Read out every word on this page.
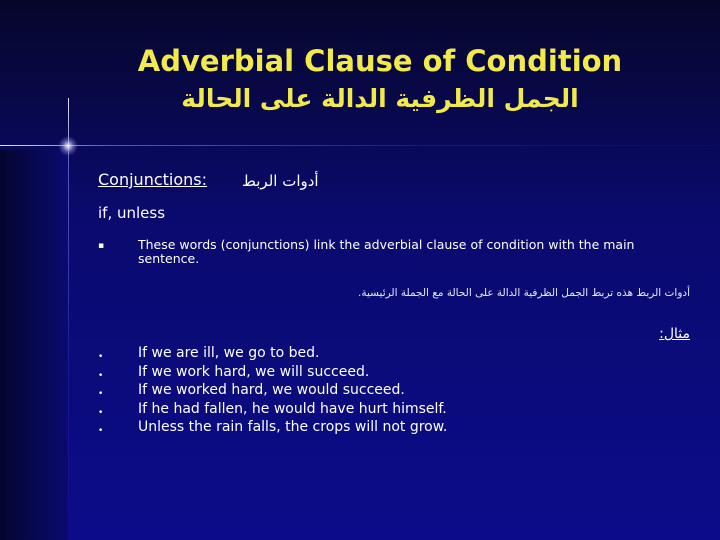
Adverbial Clause of Condition
الجمل الظرفية الدالة على الحالة
Conjunctions: أدوات الربط
if, unless
▪	These words (conjunctions) link the adverbial clause of condition with the main sentence.
أدوات الربط هذه تربط الجمل الظرفية الدالة على الحالة مع الجملة الرئيسية.
مثال:
• If we are ill, we go to bed.
• If we work hard, we will succeed.
• If we worked hard, we would succeed.
• If he had fallen, he would have hurt himself.
• Unless the rain falls, the crops will not grow.
